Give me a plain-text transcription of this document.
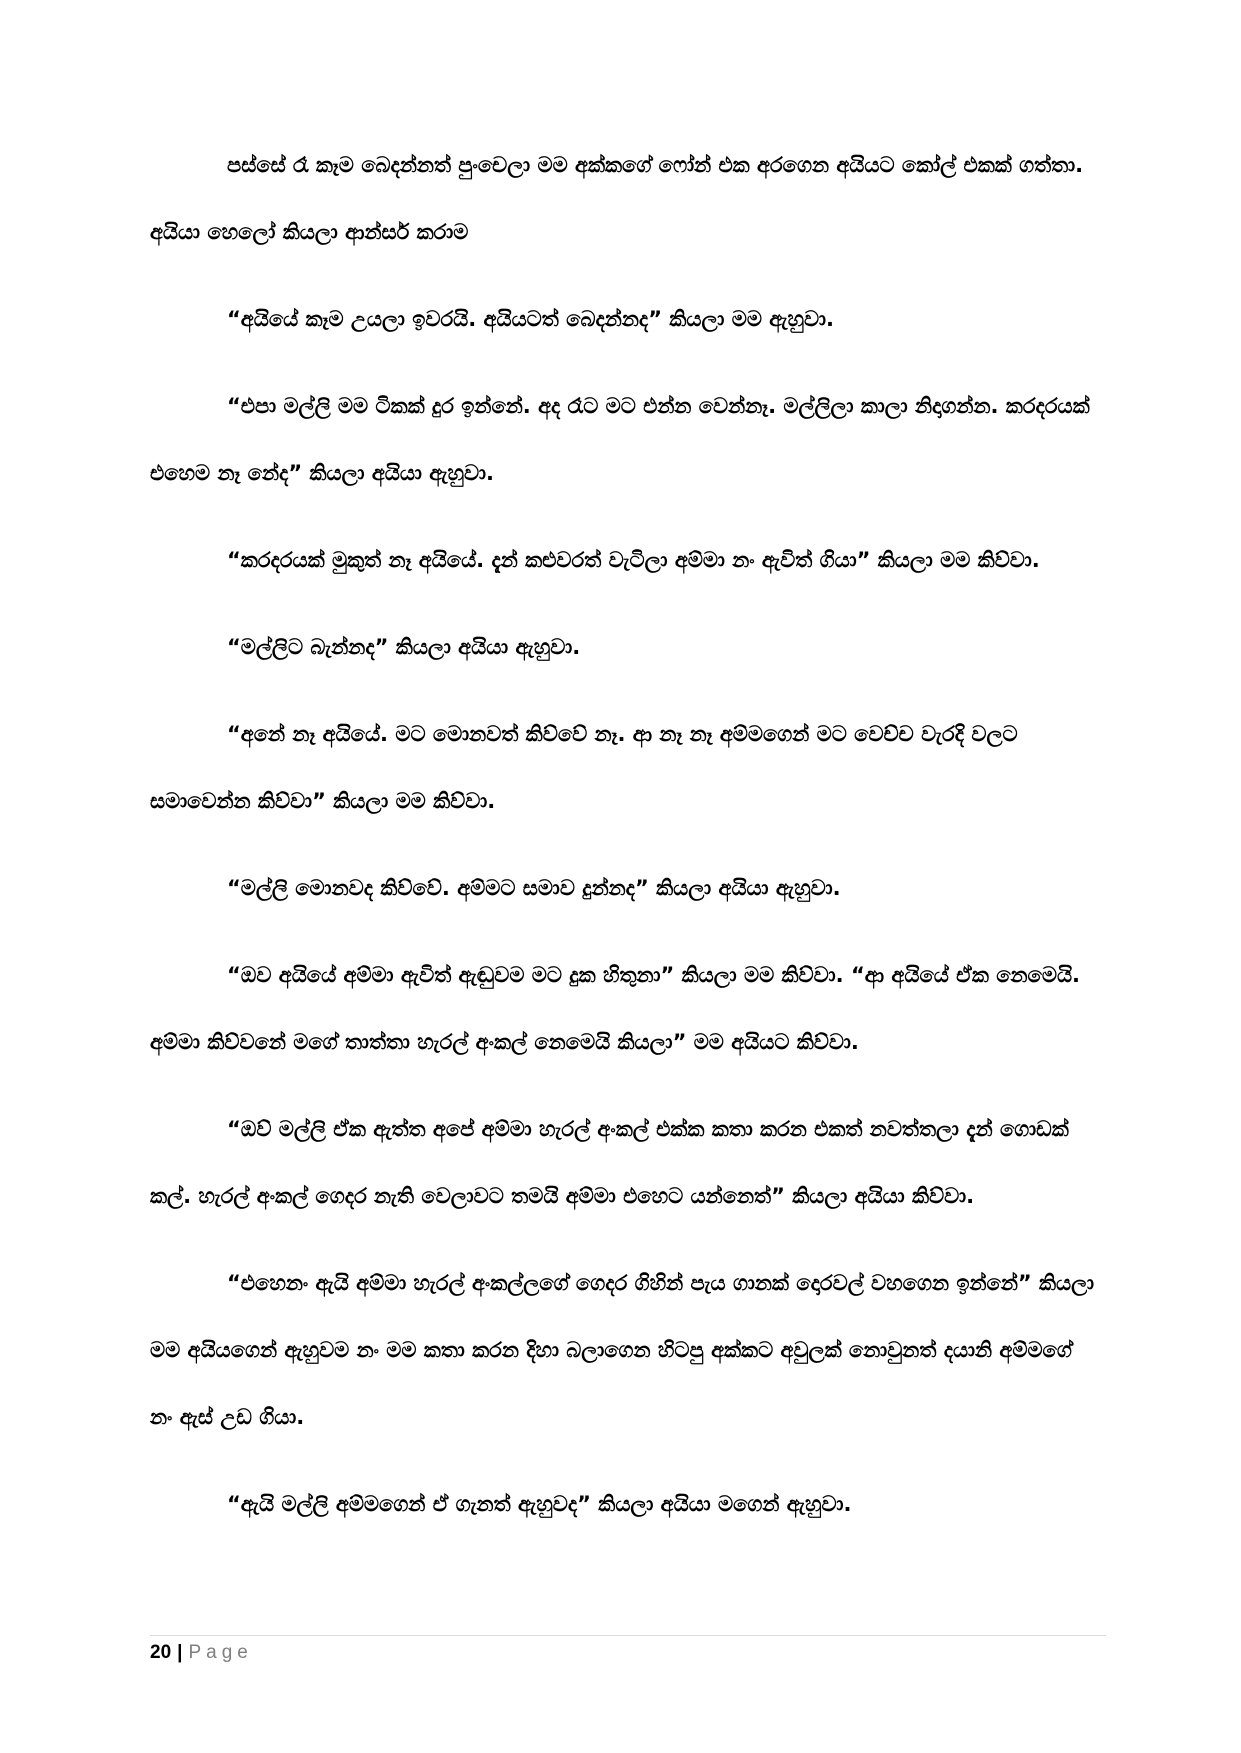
පස්සේ රෑ කෑම බෙදන්නත් පුංචෙලා මම අක්කගේ ෆෝන් එක අරගෙන අයියට කෝල් එකක් ගත්තා. අයියා හෙලෝ කියලා ආන්සර් කරාම

“අයියේ කෑම උයලා ඉවරයි. අයියටත් බෙදන්නද” කියලා මම ඇහුවා.

“එපා මල්ලි මම ටිකක් දුර ඉන්නේ. අද රෑට මට එන්න වෙන්නෑ. මල්ලිලා කාලා නිදාගන්න. කරදරයක් එහෙම නෑ නේද” කියලා අයියා ඇහුවා.

“කරදරයක් මුකුත් නෑ අයියේ. දැන් කළුවරත් වැටිලා අම්මා නං ඇවිත් ගියා” කියලා මම කිව්වා.

“මල්ලිට බැන්නද” කියලා අයියා ඇහුවා.

“අනේ නෑ අයියේ. මට මොනවත් කිව්වේ නෑ. ආ නෑ නෑ අම්මගෙන් මට වෙච්ච වැරදි වලට සමාවෙන්න කිව්වා” කියලා මම කිව්වා.

“මල්ලි මොනවද කිව්වේ. අම්මට සමාව දුන්නද” කියලා අයියා ඇහුවා.

“ඔව අයියේ අම්මා ඇවිත් ඇඬුවම මට දුක හිතුනා” කියලා මම කිව්වා. “ආ අයියේ ඒක නෙමෙයි. අම්මා කිව්වනේ මගේ තාත්තා හැරල් අංකල් නෙමෙයි කියලා” මම අයියට කිව්වා.

“ඔව් මල්ලි ඒක ඇත්ත අපේ අම්මා හැරල් අංකල් එක්ක කතා කරන එකත් නවත්තලා දැන් ගොඩක් කල්. හැරල් අංකල් ගෙදර නැති වෙලාවට තමයි අම්මා එහෙට යන්නෙත්” කියලා අයියා කිව්වා.

“එහෙනං ඇයි අම්මා හැරල් අංකල්ලගේ ගෙදර ගිහින් පැය ගානක් දොරවල් වහගෙන ඉන්නේ” කියලා මම අයියගෙන් ඇහුවම නං මම කතා කරන දිහා බලාගෙන හිටපු අක්කට අවුලක් නොවුනත් දයානි අම්මගේ නං ඇස් උඩ ගියා.

“ඇයි මල්ලි අම්මගෙන් ඒ ගැනත් ඇහුවද” කියලා අයියා මගෙන් ඇහුවා.

20 | Page
